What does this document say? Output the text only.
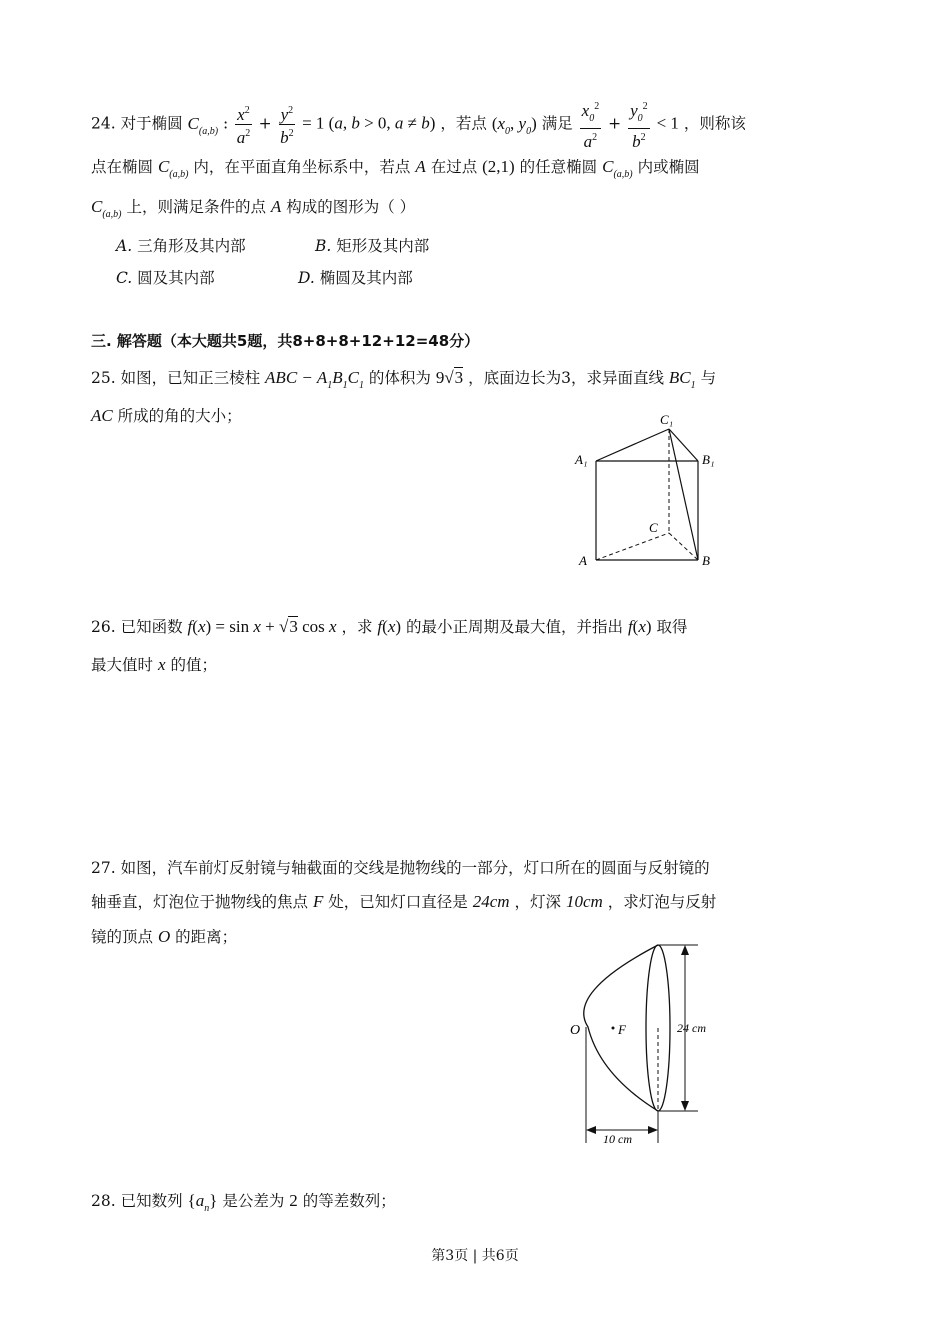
24. 对于椭圆 $C_{(a,b)}$ : $\frac{x^2}{a^2} + \frac{y^2}{b^2} = 1$ (a, b > 0, a ≠ b) ，若点 ($x_0$, $y_0$) 满足 $\frac{x_0^2}{a^2} + \frac{y_0^2}{b^2} < 1$ ，则称该
点在椭圆 $C_{(a,b)}$ 内，在平面直角坐标系中，若点 A 在过点 (2,1) 的任意椭圆 $C_{(a,b)}$ 内或椭圆
$C_{(a,b)}$ 上，则满足条件的点 A 构成的图形为（ ）
A. 三角形及其内部	B. 矩形及其内部
C. 圆及其内部	D. 椭圆及其内部
三. 解答题（本大题共5题，共8+8+8+12+12=48分）
25. 如图，已知正三棱柱 ABC − $A_1B_1C_1$ 的体积为 9√3 ，底面边长为3，求异面直线 $BC_1$ 与
AC 所成的角的大小；	C₁
A₁	B₁
C
A	B
26. 已知函数 f(x) = sin x + √3 cos x ，求 f(x) 的最小正周期及最大值，并指出 f(x) 取得
最大值时 x 的值；
27. 如图，汽车前灯反射镜与轴截面的交线是抛物线的一部分，灯口所在的圆面与反射镜的
轴垂直，灯泡位于抛物线的焦点 F 处，已知灯口直径是 24cm ，灯深 10cm ，求灯泡与反射
镜的顶点 O 的距离；
O	F	24 cm
10 cm
28. 已知数列 $\{a_n\}$ 是公差为 2 的等差数列；
第3页 | 共6页
